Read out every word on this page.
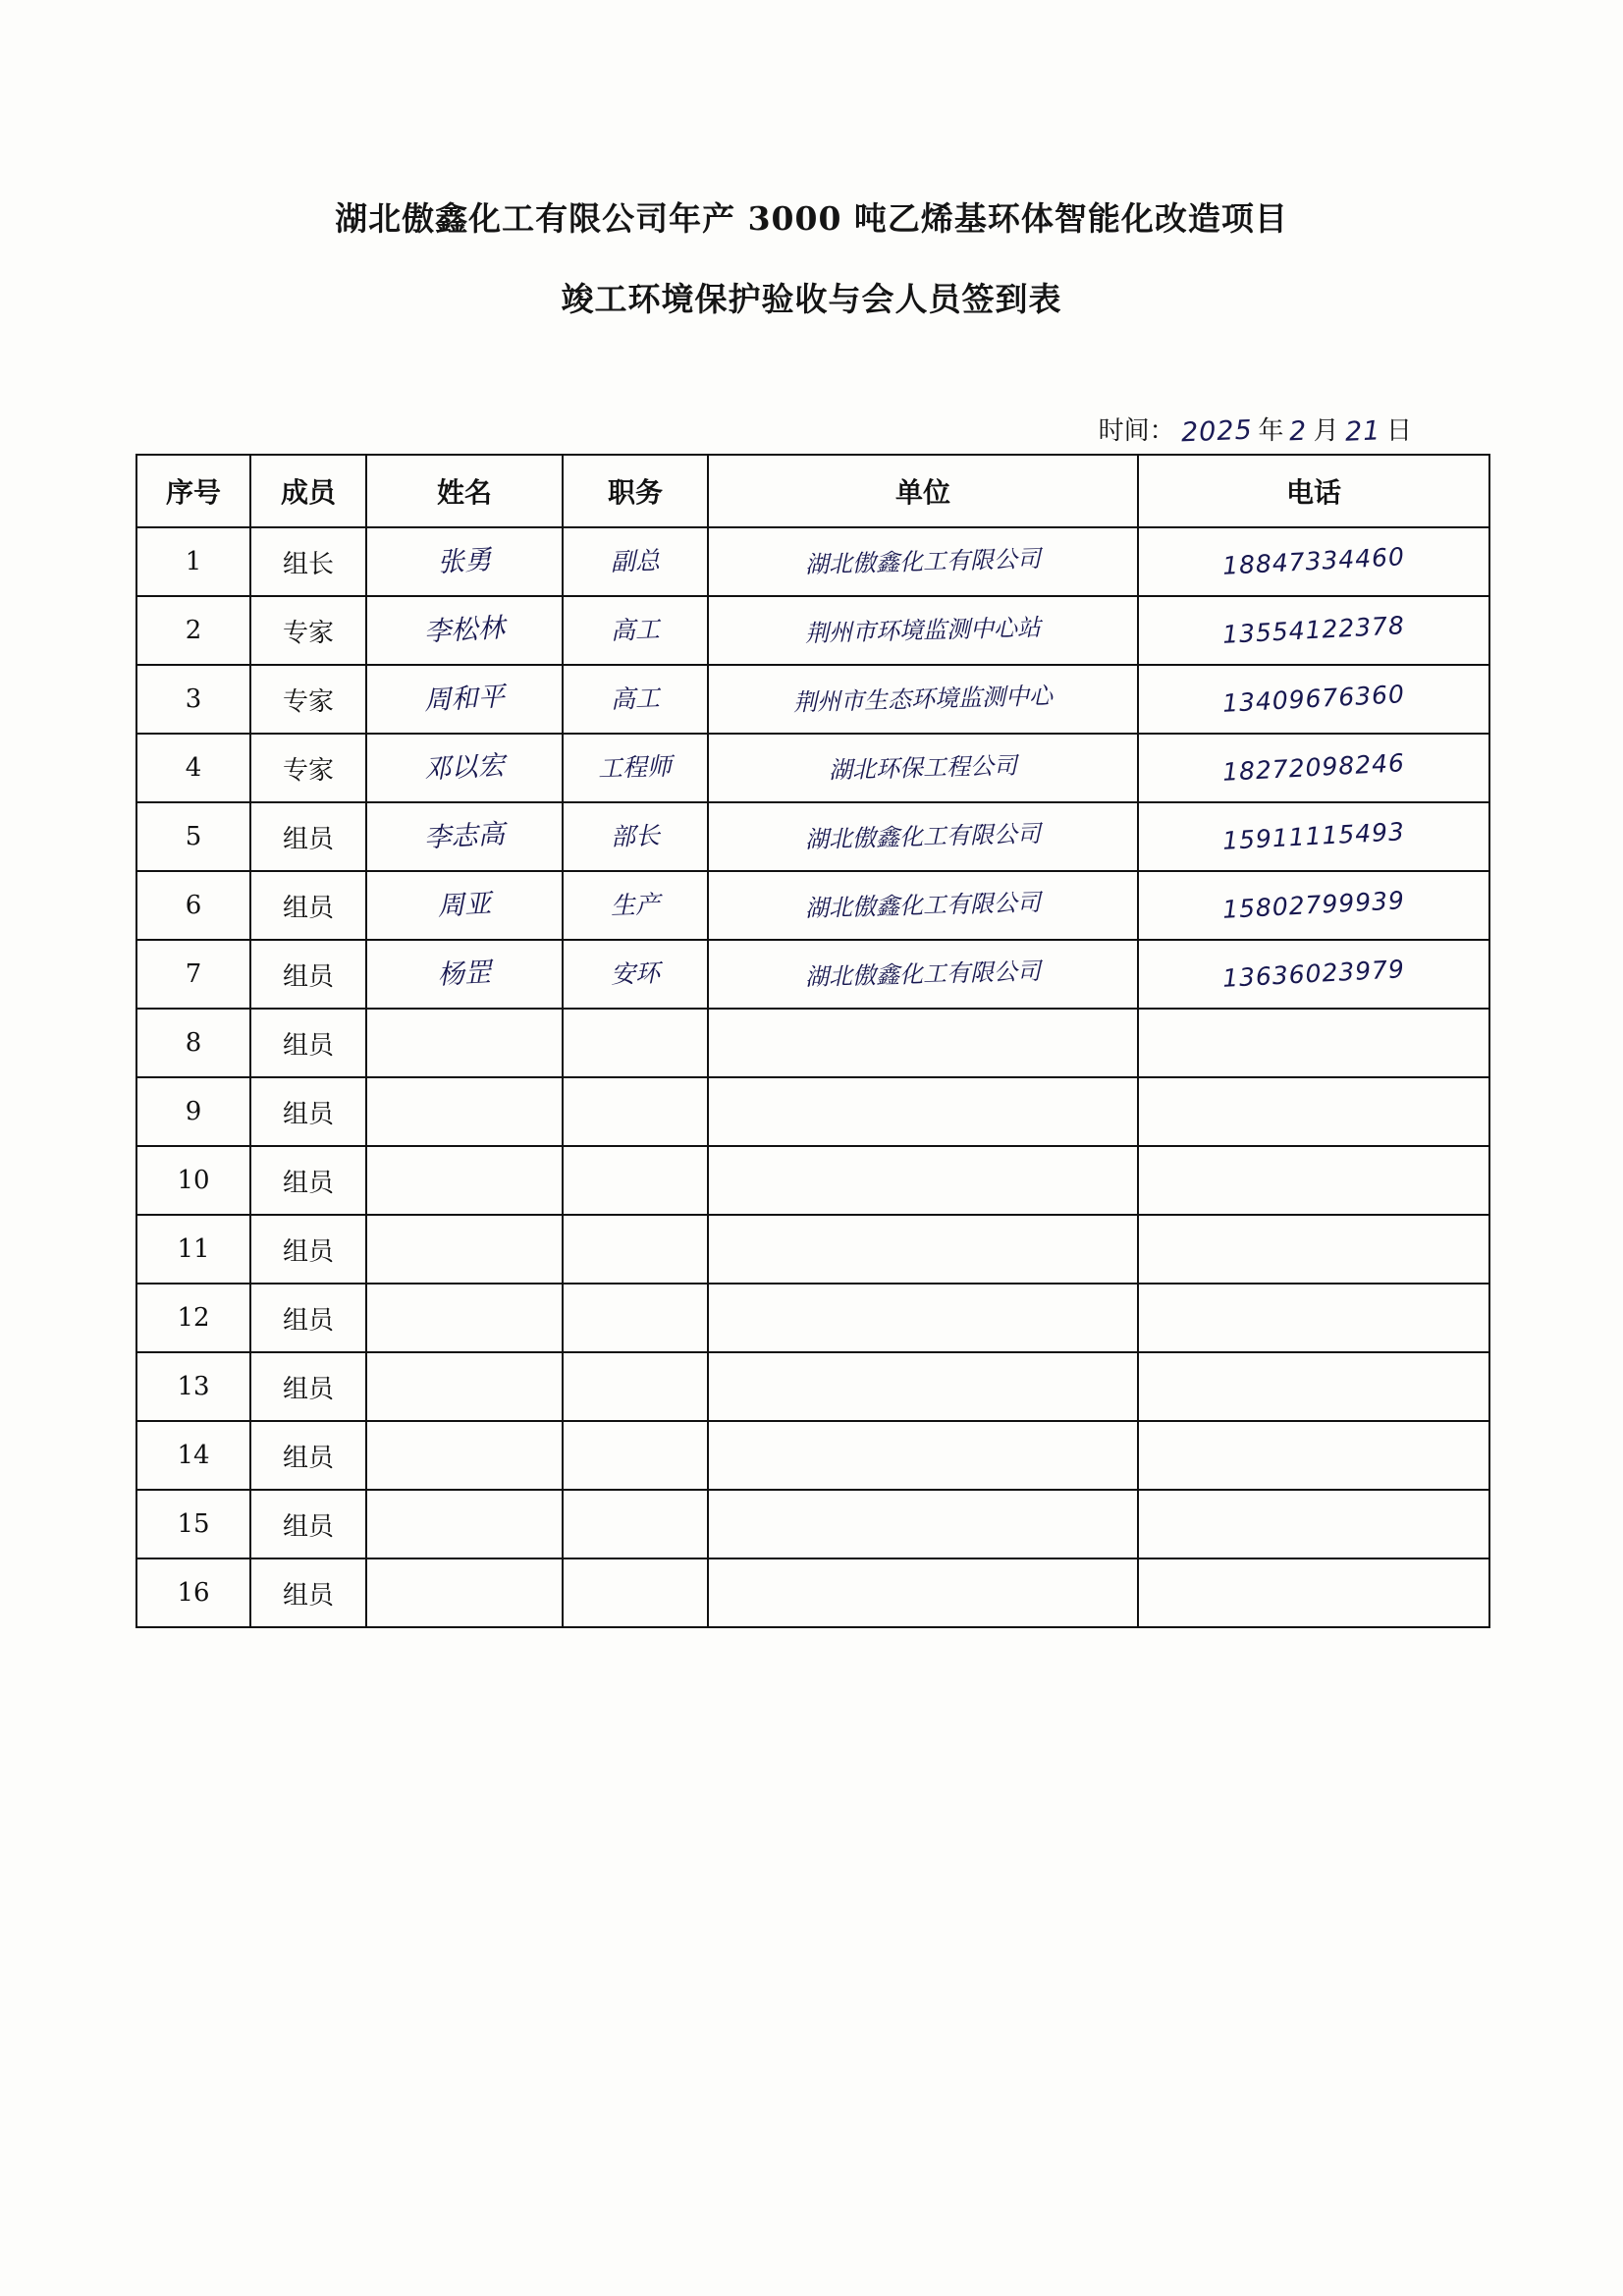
湖北傲鑫化工有限公司年产 3000 吨乙烯基环体智能化改造项目
竣工环境保护验收与会人员签到表
时间： 2025 年 2 月 21 日
序号	成员	姓名	职务	单位	电话
1	组长	张勇	副总	湖北傲鑫化工有限公司	18847334460
2	专家	李松林	高工	荆州市环境监测中心站	13554122378
3	专家	周和平	高工	荆州市生态环境监测中心	13409676360
4	专家	邓以宏	工程师	湖北环保工程公司	18272098246
5	组员	李志高	部长	湖北傲鑫化工有限公司	15911115493
6	组员	周亚	生产	湖北傲鑫化工有限公司	15802799939
7	组员	杨罡	安环	湖北傲鑫化工有限公司	13636023979
8	组员				
9	组员				
10	组员				
11	组员				
12	组员				
13	组员				
14	组员				
15	组员				
16	组员				
